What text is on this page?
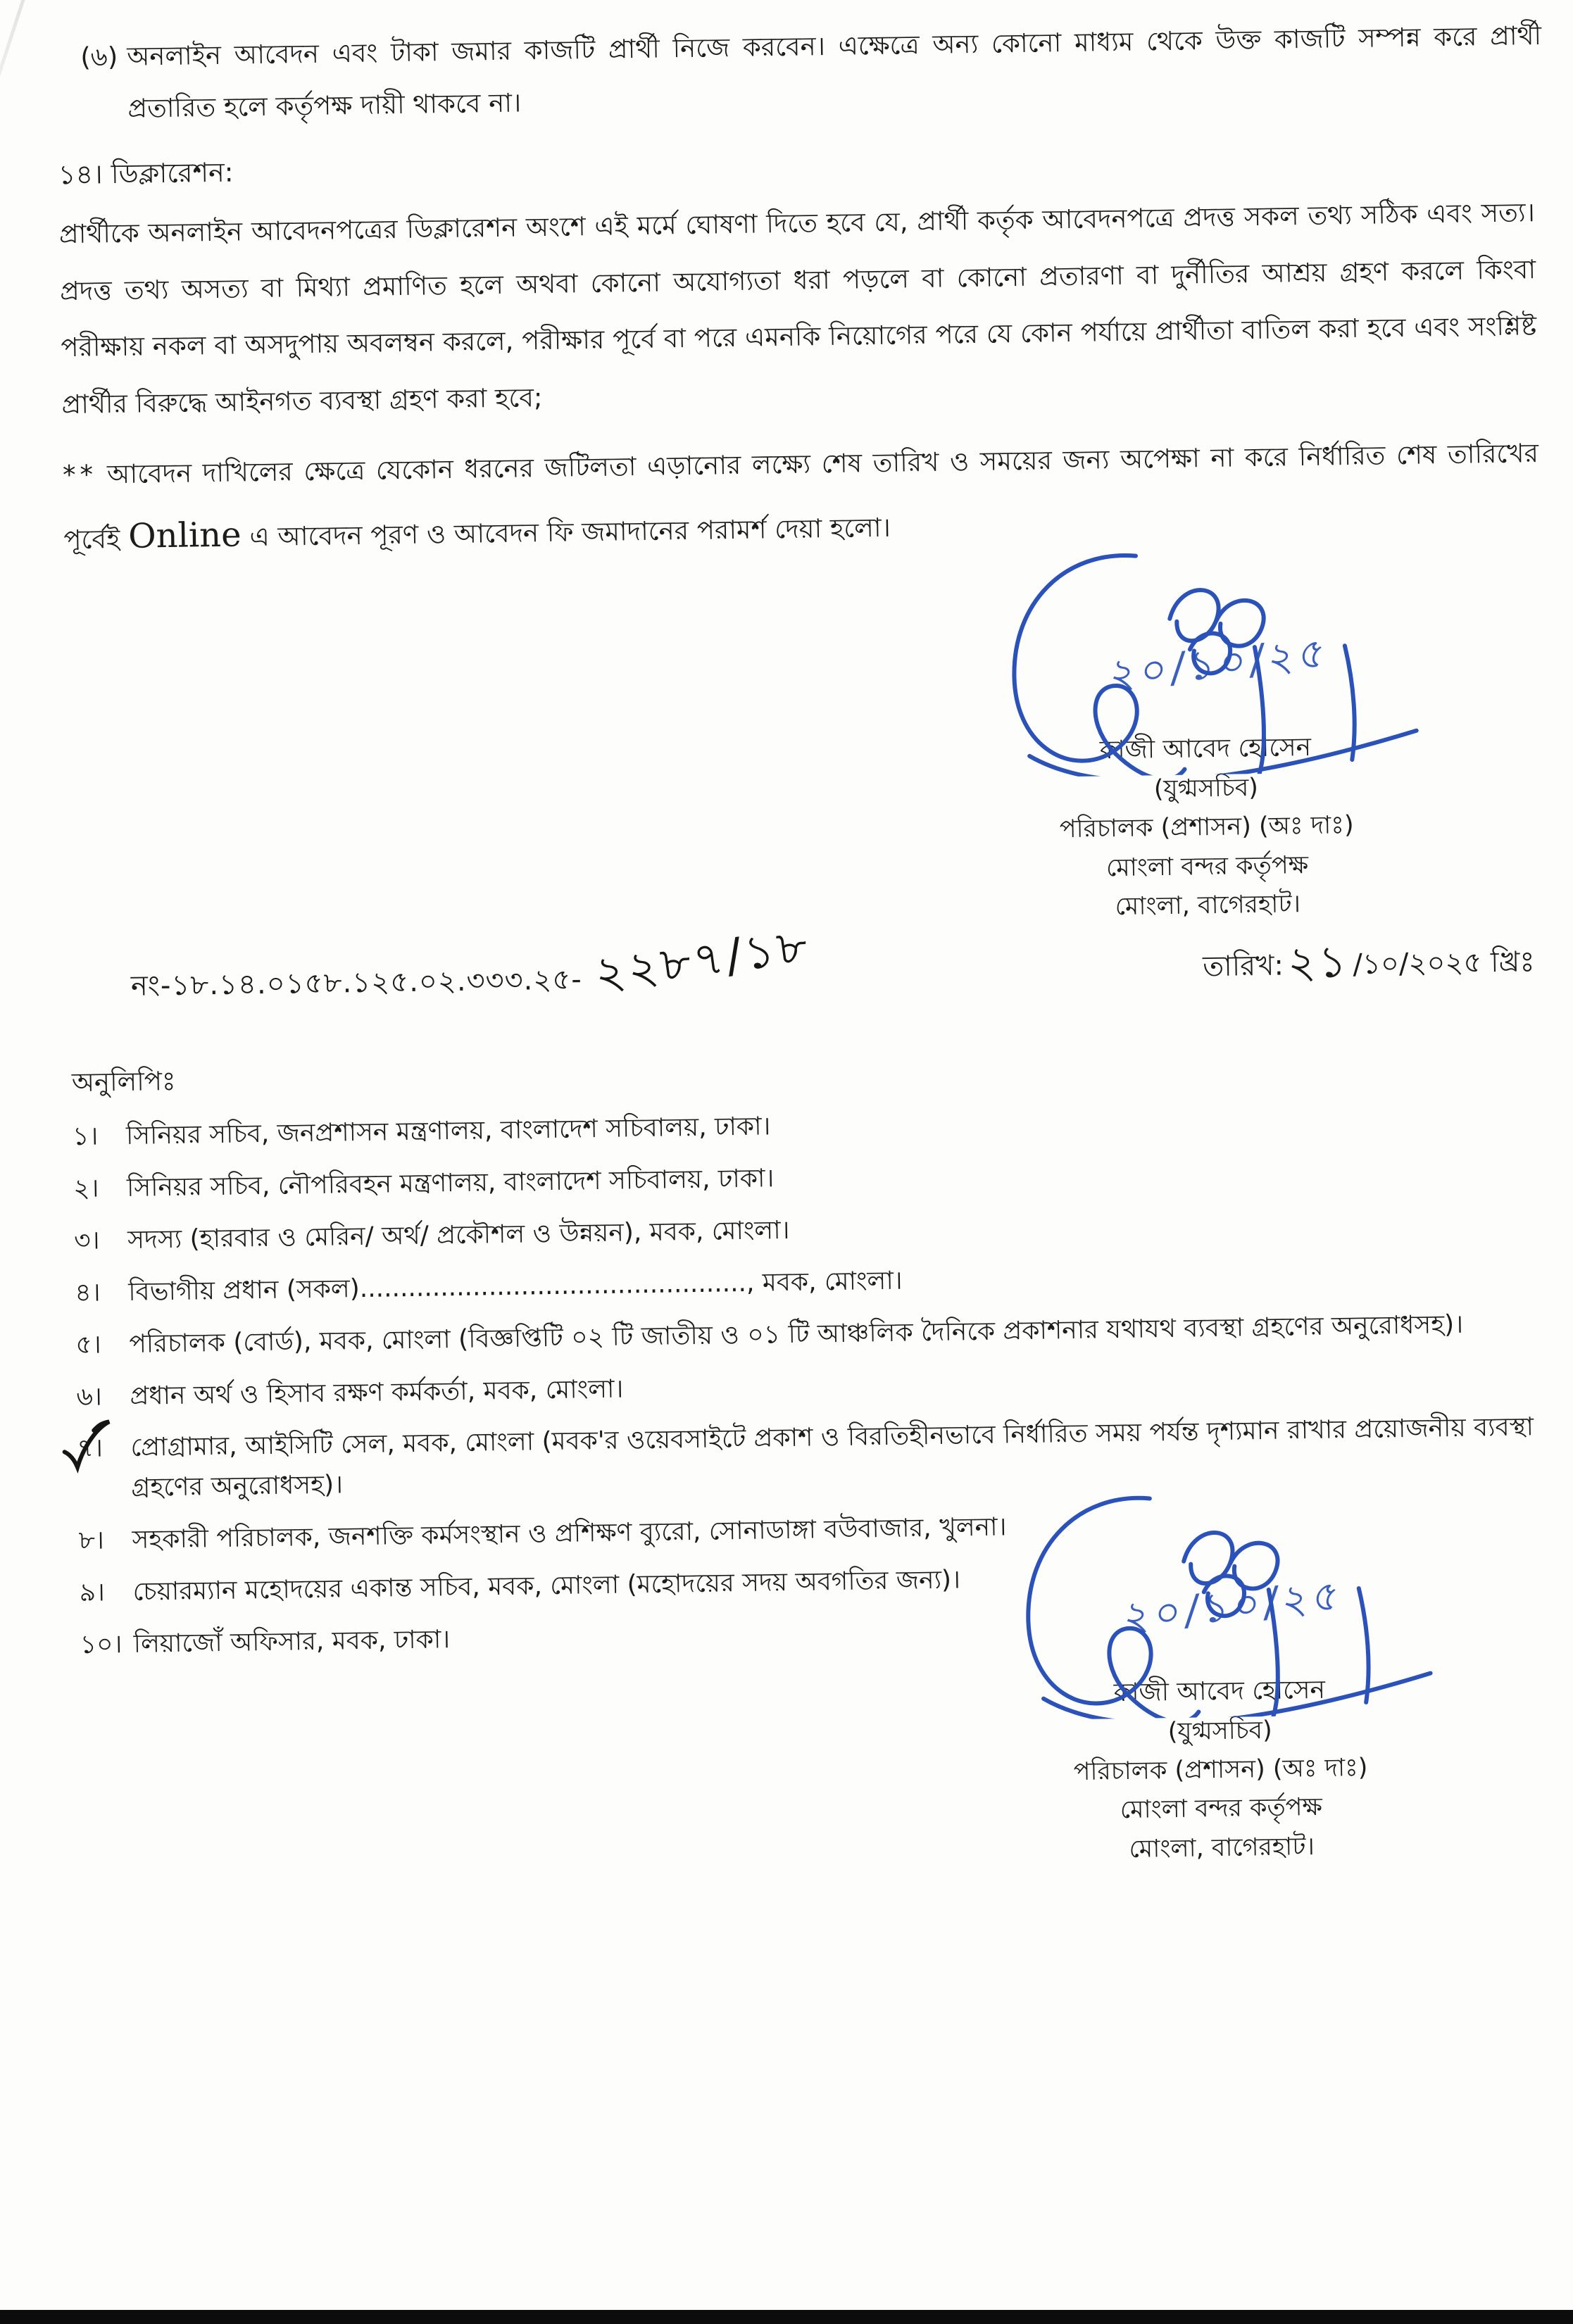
(৬) অনলাইন আবেদন এবং টাকা জমার কাজটি প্রার্থী নিজে করবেন। এক্ষেত্রে অন্য কোনো মাধ্যম থেকে উক্ত কাজটি সম্পন্ন করে প্রার্থী প্রতারিত হলে কর্তৃপক্ষ দায়ী থাকবে না।
১৪। ডিক্লারেশন:
প্রার্থীকে অনলাইন আবেদনপত্রের ডিক্লারেশন অংশে এই মর্মে ঘোষণা দিতে হবে যে, প্রার্থী কর্তৃক আবেদনপত্রে প্রদত্ত সকল তথ্য সঠিক এবং সত্য। প্রদত্ত তথ্য অসত্য বা মিথ্যা প্রমাণিত হলে অথবা কোনো অযোগ্যতা ধরা পড়লে বা কোনো প্রতারণা বা দুর্নীতির আশ্রয় গ্রহণ করলে কিংবা পরীক্ষায় নকল বা অসদুপায় অবলম্বন করলে, পরীক্ষার পূর্বে বা পরে এমনকি নিয়োগের পরে যে কোন পর্যায়ে প্রার্থীতা বাতিল করা হবে এবং সংশ্লিষ্ট প্রার্থীর বিরুদ্ধে আইনগত ব্যবস্থা গ্রহণ করা হবে;
** আবেদন দাখিলের ক্ষেত্রে যেকোন ধরনের জটিলতা এড়ানোর লক্ষ্যে শেষ তারিখ ও সময়ের জন্য অপেক্ষা না করে নির্ধারিত শেষ তারিখের পূর্বেই Online এ আবেদন পূরণ ও আবেদন ফি জমাদানের পরামর্শ দেয়া হলো।
২০/১০/২৫
কাজী আবেদ হোসেন
(যুগ্মসচিব)
পরিচালক (প্রশাসন) (অঃ দাঃ)
মোংলা বন্দর কর্তৃপক্ষ
মোংলা, বাগেরহাট।
নং-১৮.১৪.০১৫৮.১২৫.০২.৩৩৩.২৫- ২২৮৭/১৮	তারিখ:২১ /১০/২০২৫ খ্রিঃ
অনুলিপিঃ
১।	সিনিয়র সচিব, জনপ্রশাসন মন্ত্রণালয়, বাংলাদেশ সচিবালয়, ঢাকা।
২।	সিনিয়র সচিব, নৌপরিবহন মন্ত্রণালয়, বাংলাদেশ সচিবালয়, ঢাকা।
৩।	সদস্য (হারবার ও মেরিন/ অর্থ/ প্রকৌশল ও উন্নয়ন), মবক, মোংলা।
৪।	বিভাগীয় প্রধান (সকল)................................................, মবক, মোংলা।
৫।	পরিচালক (বোর্ড), মবক, মোংলা (বিজ্ঞপ্তিটি ০২ টি জাতীয় ও ০১ টি আঞ্চলিক দৈনিকে প্রকাশনার যথাযথ ব্যবস্থা গ্রহণের অনুরোধসহ)।
৬।	প্রধান অর্থ ও হিসাব রক্ষণ কর্মকর্তা, মবক, মোংলা।
৭।	প্রোগ্রামার, আইসিটি সেল, মবক, মোংলা (মবক'র ওয়েবসাইটে প্রকাশ ও বিরতিহীনভাবে নির্ধারিত সময় পর্যন্ত দৃশ্যমান রাখার প্রয়োজনীয় ব্যবস্থা গ্রহণের অনুরোধসহ)।
৮।	সহকারী পরিচালক, জনশক্তি কর্মসংস্থান ও প্রশিক্ষণ ব্যুরো, সোনাডাঙ্গা বউবাজার, খুলনা।
৯।	চেয়ারম্যান মহোদয়ের একান্ত সচিব, মবক, মোংলা (মহোদয়ের সদয় অবগতির জন্য)।
১০। লিয়াজোঁ অফিসার, মবক, ঢাকা।
২০/১০/২৫
কাজী আবেদ হোসেন
(যুগ্মসচিব)
পরিচালক (প্রশাসন) (অঃ দাঃ)
মোংলা বন্দর কর্তৃপক্ষ
মোংলা, বাগেরহাট।
